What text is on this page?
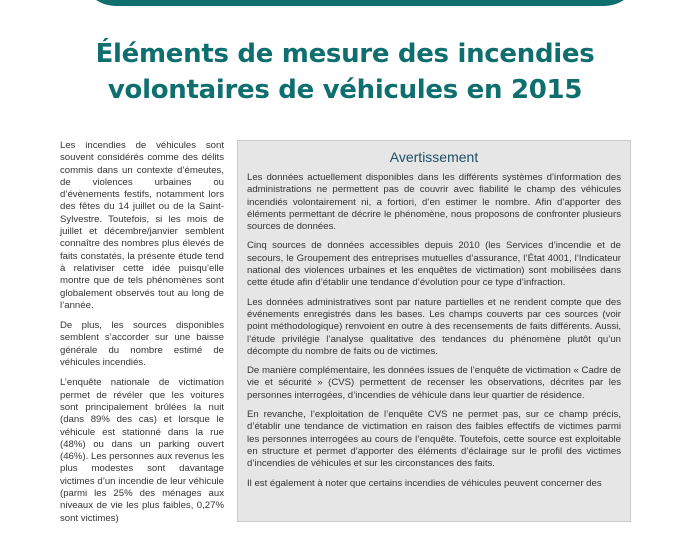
Éléments de mesure des incendies
volontaires de véhicules en 2015

Les incendies de véhicules sont souvent considérés comme des délits commis dans un contexte d’émeutes, de violences urbaines ou d’évènements festifs, notamment lors des fêtes du 14 juillet ou de la Saint-Sylvestre. Toutefois, si les mois de juillet et décembre/janvier semblent connaître des nombres plus élevés de faits constatés, la présente étude tend à relativiser cette idée puisqu’elle montre que de tels phénomènes sont globalement observés tout au long de l’année.

De plus, les sources disponibles semblent s’accorder sur une baisse générale du nombre estimé de véhicules incendiés.

L’enquête nationale de victimation permet de révéler que les voitures sont principalement brûlées la nuit (dans 89% des cas) et lorsque le véhicule est stationné dans la rue (48%) ou dans un parking ouvert (46%). Les personnes aux revenus les plus modestes sont davantage victimes d’un incendie de leur véhicule (parmi les 25% des ménages aux niveaux de vie les plus faibles, 0,27% sont victimes)

Avertissement

Les données actuellement disponibles dans les différents systèmes d’information des administrations ne permettent pas de couvrir avec fiabilité le champ des véhicules incendiés volontairement ni, a fortiori, d’en estimer le nombre. Afin d’apporter des éléments permettant de décrire le phénomène, nous proposons de confronter plusieurs sources de données.

Cinq sources de données accessibles depuis 2010 (les Services d’incendie et de secours, le Groupement des entreprises mutuelles d’assurance, l’État 4001, l’Indicateur national des violences urbaines et les enquêtes de victimation) sont mobilisées dans cette étude afin d’établir une tendance d’évolution pour ce type d’infraction.

Les données administratives sont par nature partielles et ne rendent compte que des événements enregistrés dans les bases. Les champs couverts par ces sources (voir point méthodologique) renvoient en outre à des recensements de faits différents. Aussi, l’étude privilégie l’analyse qualitative des tendances du phénomène plutôt qu’un décompte du nombre de faits ou de victimes.

De manière complémentaire, les données issues de l’enquête de victimation « Cadre de vie et sécurité » (CVS) permettent de recenser les observations, décrites par les personnes interrogées, d’incendies de véhicule dans leur quartier de résidence.

En revanche, l’exploitation de l’enquête CVS ne permet pas, sur ce champ précis, d’établir une tendance de victimation en raison des faibles effectifs de victimes parmi les personnes interrogées au cours de l’enquête. Toutefois, cette source est exploitable en structure et permet d’apporter des éléments d’éclairage sur le profil des victimes d’incendies de véhicules et sur les circonstances des faits.

Il est également à noter que certains incendies de véhicules peuvent concerner des
